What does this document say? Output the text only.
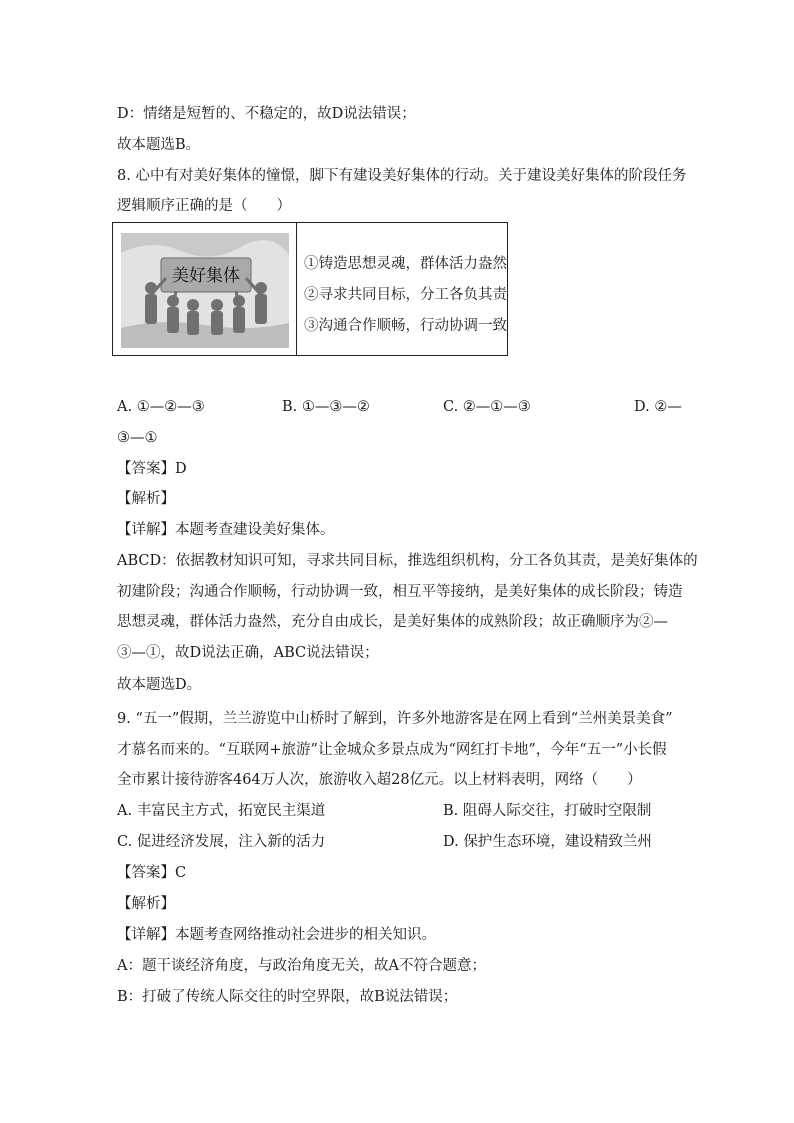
D：情绪是短暂的、不稳定的，故D说法错误；
故本题选B。
8. 心中有对美好集体的憧憬，脚下有建设美好集体的行动。关于建设美好集体的阶段任务
逻辑顺序正确的是（　　）
美好集体
①铸造思想灵魂，群体活力盎然
②寻求共同目标，分工各负其责
③沟通合作顺畅，行动协调一致
A. ①—②—③	B. ①—③—②	C. ②—①—③	D. ②—
③—①
【答案】D
【解析】
【详解】本题考查建设美好集体。
ABCD：依据教材知识可知，寻求共同目标，推选组织机构，分工各负其责，是美好集体的
初建阶段；沟通合作顺畅，行动协调一致，相互平等接纳，是美好集体的成长阶段；铸造
思想灵魂，群体活力盎然，充分自由成长，是美好集体的成熟阶段；故正确顺序为②—
③—①，故D说法正确，ABC说法错误；
故本题选D。
9. “五一”假期，兰兰游览中山桥时了解到，许多外地游客是在网上看到“兰州美景美食”
才慕名而来的。“互联网+旅游”让金城众多景点成为“网红打卡地”，今年“五一”小长假
全市累计接待游客464万人次，旅游收入超28亿元。以上材料表明，网络（　　）
A. 丰富民主方式，拓宽民主渠道	B. 阻碍人际交往，打破时空限制
C. 促进经济发展，注入新的活力	D. 保护生态环境，建设精致兰州
【答案】C
【解析】
【详解】本题考查网络推动社会进步的相关知识。
A：题干谈经济角度，与政治角度无关，故A不符合题意；
B：打破了传统人际交往的时空界限，故B说法错误；
